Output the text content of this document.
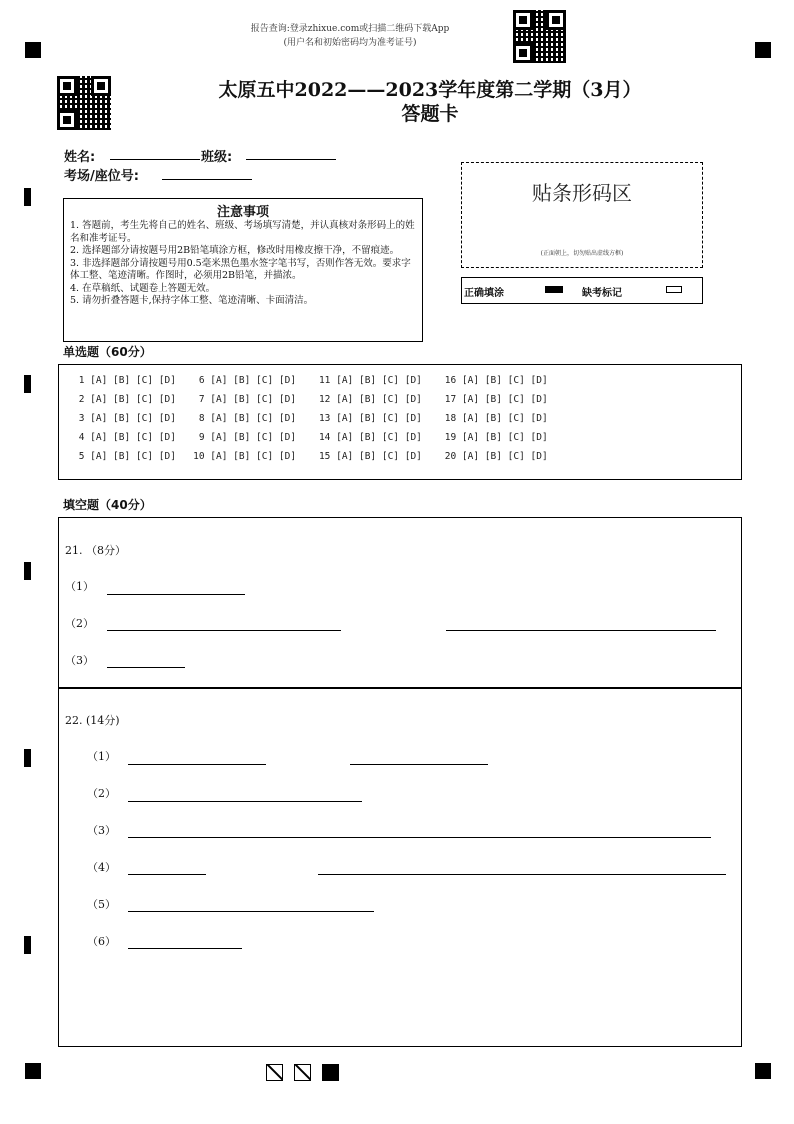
报告查询:登录zhixue.com或扫描二维码下载App
(用户名和初始密码均为准考证号)
太原五中2022——2023学年度第二学期（3月）
答题卡
姓名:	班级:
考场/座位号:
注意事项
1. 答题前，考生先将自己的姓名、班级、考场填写清楚，并认真核对条形码上的姓名和准考证号。
2. 选择题部分请按题号用2B铅笔填涂方框，修改时用橡皮擦干净，不留痕迹。
3. 非选择题部分请按题号用0.5毫米黑色墨水签字笔书写，否则作答无效。要求字体工整、笔迹清晰。作图时，必须用2B铅笔，并描浓。
4. 在草稿纸、试题卷上答题无效。
5. 请勿折叠答题卡,保持字体工整、笔迹清晰、卡面清洁。
贴条形码区
(正面朝上，切勿贴出虚线方框)
正确填涂	缺考标记
单选题（60分）
1 [A] [B] [C] [D]    6 [A] [B] [C] [D]    11 [A] [B] [C] [D]    16 [A] [B] [C] [D]
2 [A] [B] [C] [D]    7 [A] [B] [C] [D]    12 [A] [B] [C] [D]    17 [A] [B] [C] [D]
3 [A] [B] [C] [D]    8 [A] [B] [C] [D]    13 [A] [B] [C] [D]    18 [A] [B] [C] [D]
4 [A] [B] [C] [D]    9 [A] [B] [C] [D]    14 [A] [B] [C] [D]    19 [A] [B] [C] [D]
5 [A] [B] [C] [D]   10 [A] [B] [C] [D]    15 [A] [B] [C] [D]    20 [A] [B] [C] [D]
填空题（40分）
21. （8分）
（1）
（2）
（3）
22. (14分)
（1）
（2）
（3）
（4）
（5）
（6）
